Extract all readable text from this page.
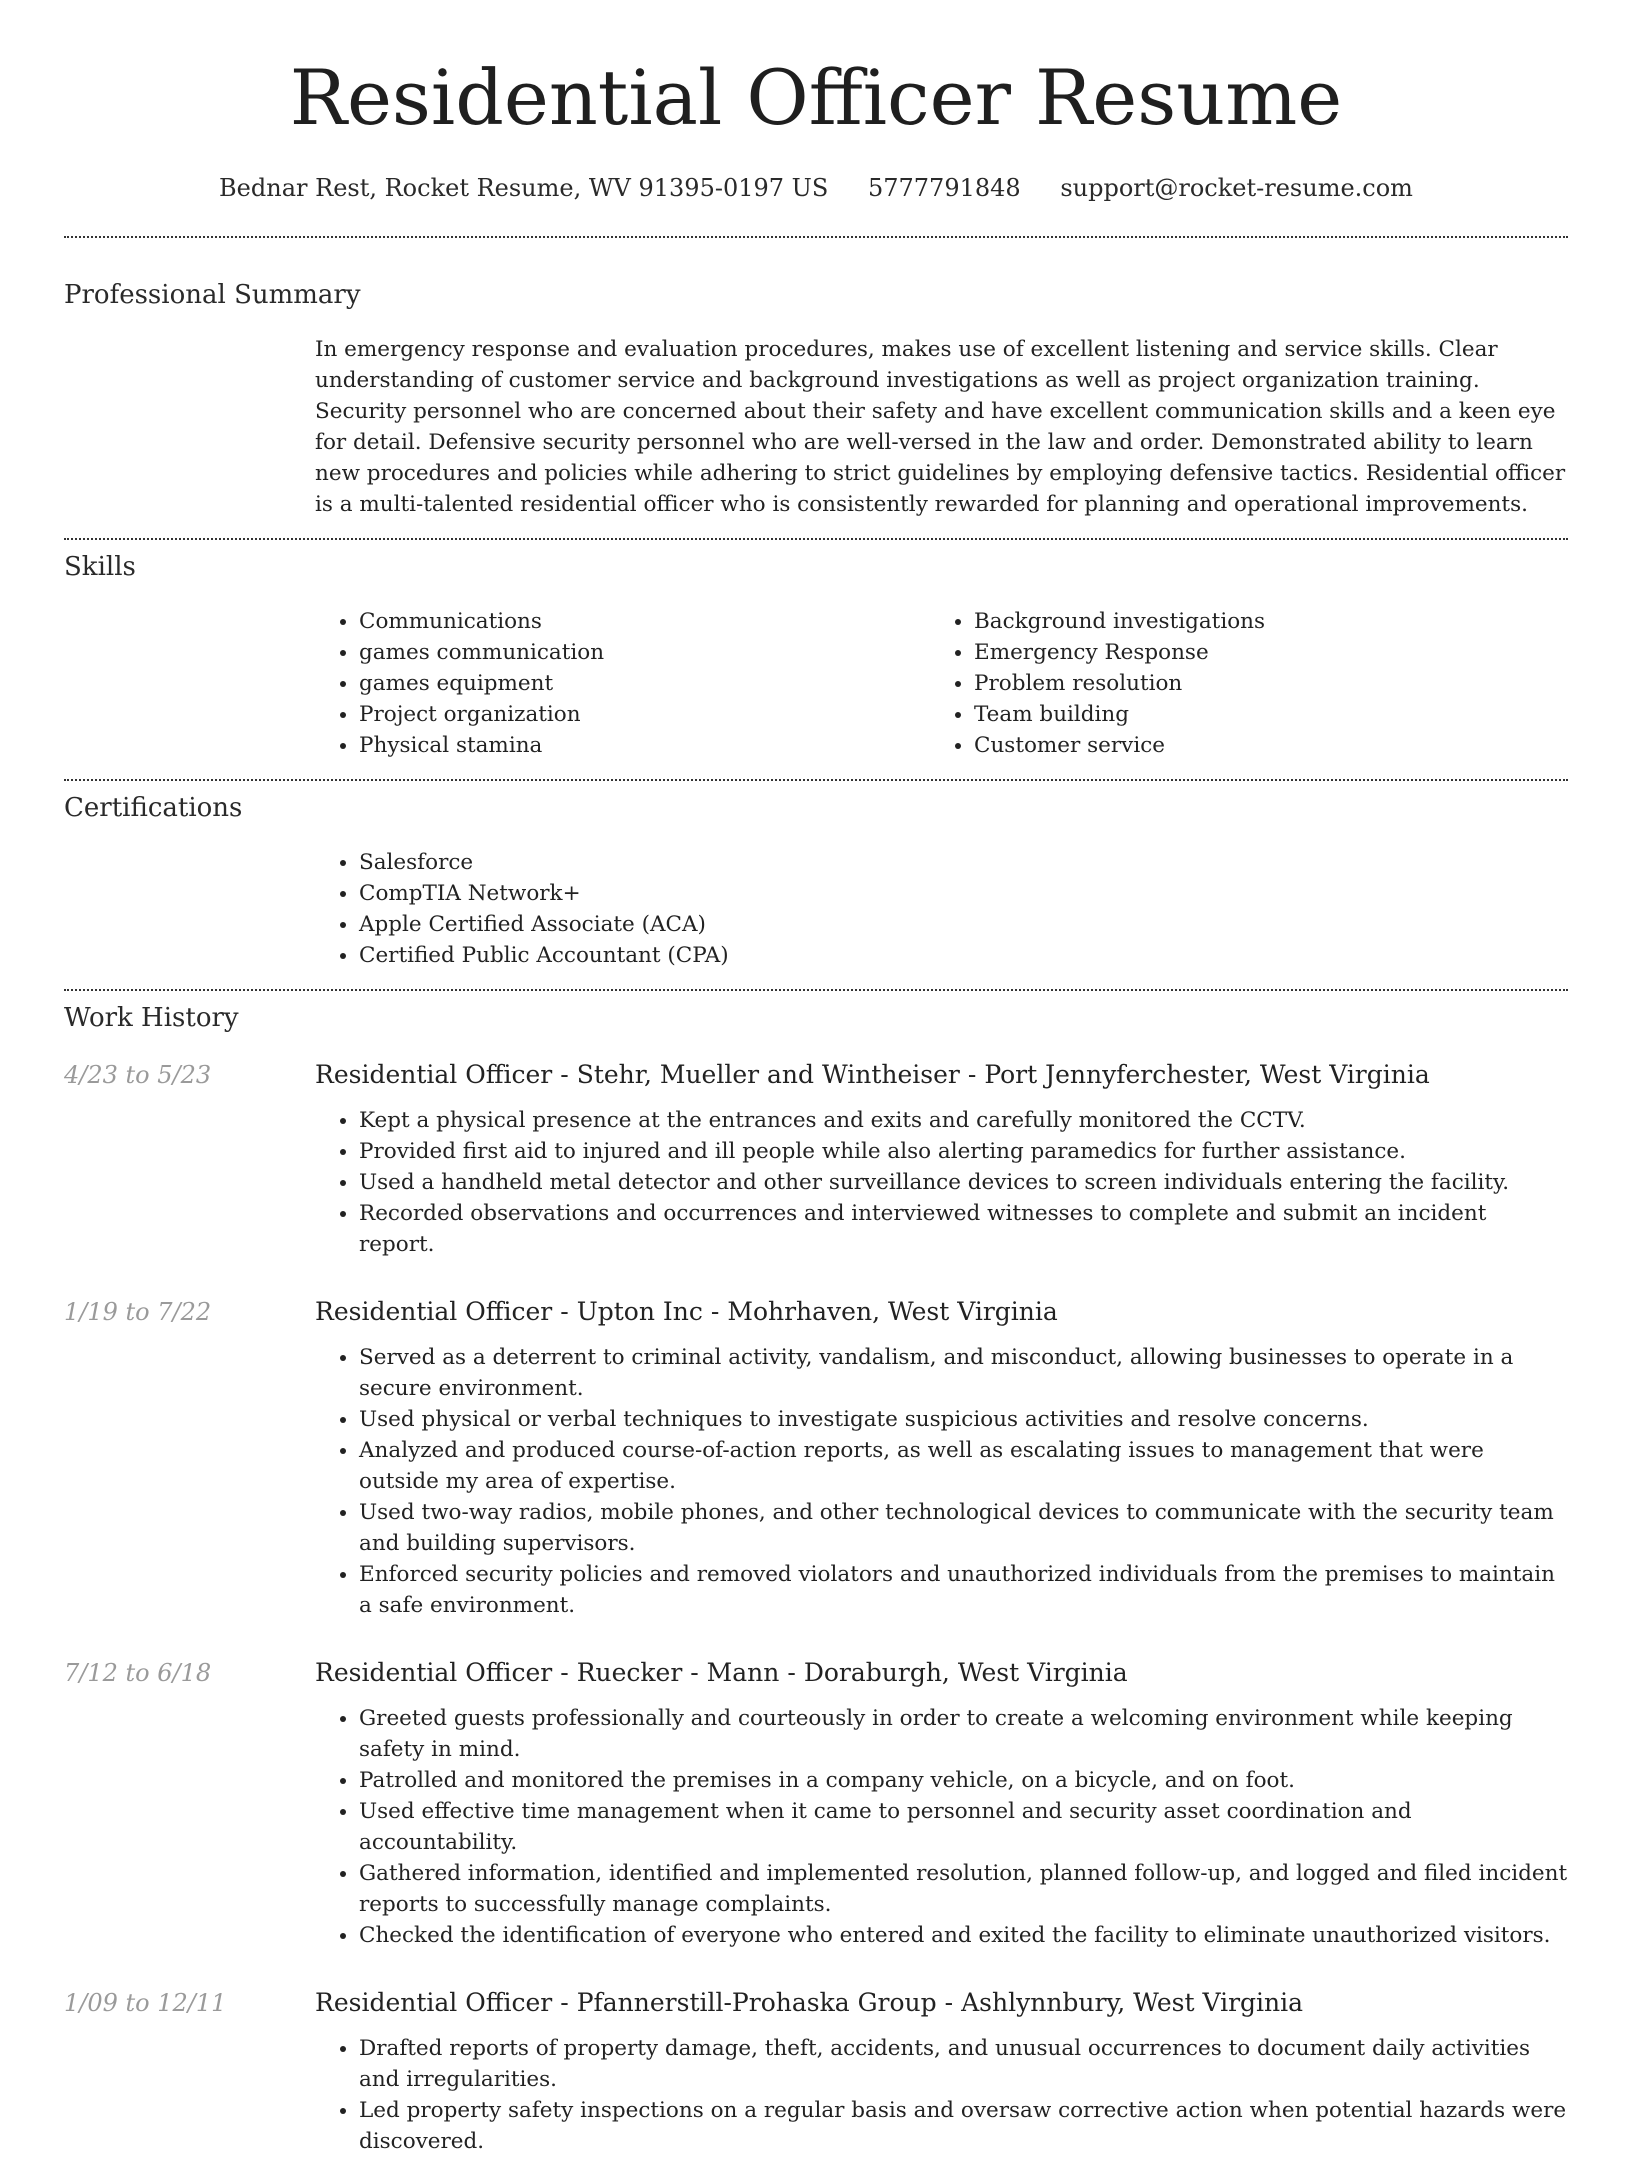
Residential Officer Resume
Bednar Rest, Rocket Resume, WV 91395-0197 US 5777791848 support@rocket-resume.com
Professional Summary
In emergency response and evaluation procedures, makes use of excellent listening and service skills. Clear understanding of customer service and background investigations as well as project organization training. Security personnel who are concerned about their safety and have excellent communication skills and a keen eye for detail. Defensive security personnel who are well-versed in the law and order. Demonstrated ability to learn new procedures and policies while adhering to strict guidelines by employing defensive tactics. Residential officer is a multi-talented residential officer who is consistently rewarded for planning and operational improvements.
Skills
• Communications
• games communication
• games equipment
• Project organization
• Physical stamina
• Background investigations
• Emergency Response
• Problem resolution
• Team building
• Customer service
Certifications
• Salesforce
• CompTIA Network+
• Apple Certified Associate (ACA)
• Certified Public Accountant (CPA)
Work History
4/23 to 5/23	Residential Officer - Stehr, Mueller and Wintheiser - Port Jennyferchester, West Virginia
• Kept a physical presence at the entrances and exits and carefully monitored the CCTV.
• Provided first aid to injured and ill people while also alerting paramedics for further assistance.
• Used a handheld metal detector and other surveillance devices to screen individuals entering the facility.
• Recorded observations and occurrences and interviewed witnesses to complete and submit an incident report.
1/19 to 7/22	Residential Officer - Upton Inc - Mohrhaven, West Virginia
• Served as a deterrent to criminal activity, vandalism, and misconduct, allowing businesses to operate in a secure environment.
• Used physical or verbal techniques to investigate suspicious activities and resolve concerns.
• Analyzed and produced course-of-action reports, as well as escalating issues to management that were outside my area of expertise.
• Used two-way radios, mobile phones, and other technological devices to communicate with the security team and building supervisors.
• Enforced security policies and removed violators and unauthorized individuals from the premises to maintain a safe environment.
7/12 to 6/18	Residential Officer - Ruecker - Mann - Doraburgh, West Virginia
• Greeted guests professionally and courteously in order to create a welcoming environment while keeping safety in mind.
• Patrolled and monitored the premises in a company vehicle, on a bicycle, and on foot.
• Used effective time management when it came to personnel and security asset coordination and accountability.
• Gathered information, identified and implemented resolution, planned follow-up, and logged and filed incident reports to successfully manage complaints.
• Checked the identification of everyone who entered and exited the facility to eliminate unauthorized visitors.
1/09 to 12/11	Residential Officer - Pfannerstill-Prohaska Group - Ashlynnbury, West Virginia
• Drafted reports of property damage, theft, accidents, and unusual occurrences to document daily activities and irregularities.
• Led property safety inspections on a regular basis and oversaw corrective action when potential hazards were discovered.
